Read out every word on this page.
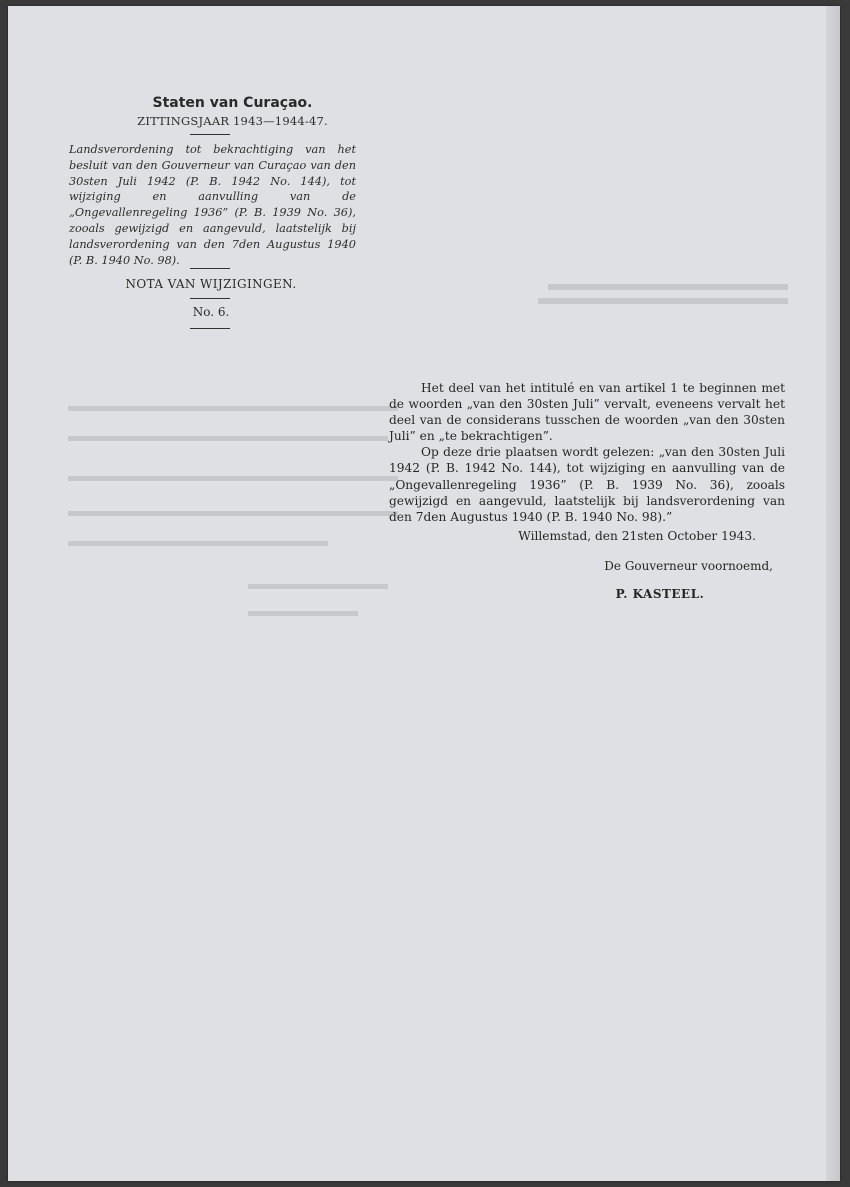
Staten van Curaçao.
ZITTINGSJAAR 1943—1944-47.
Landsverordening tot bekrachtiging van het besluit van den Gouverneur van Curaçao van den 30sten Juli 1942 (P. B. 1942 No. 144), tot wijziging en aanvulling van de „Ongevallenregeling 1936” (P. B. 1939 No. 36), zooals gewijzigd en aangevuld, laatstelijk bij landsverordening van den 7den Augustus 1940 (P. B. 1940 No. 98).
NOTA VAN WIJZIGINGEN.
No. 6.

Het deel van het intitulé en van artikel 1 te beginnen met de woorden „van den 30sten Juli” vervalt, eveneens vervalt het deel van de considerans tusschen de woorden „van den 30sten Juli” en „te bekrachtigen”.

Op deze drie plaatsen wordt gelezen: „van den 30sten Juli 1942 (P. B. 1942 No. 144), tot wijziging en aanvulling van de „Ongevallenregeling 1936” (P. B. 1939 No. 36), zooals gewijzigd en aangevuld, laatstelijk bij landsverordening van den 7den Augustus 1940 (P. B. 1940 No. 98).”

Willemstad, den 21sten October 1943.
De Gouverneur voornoemd,
P. KASTEEL.
